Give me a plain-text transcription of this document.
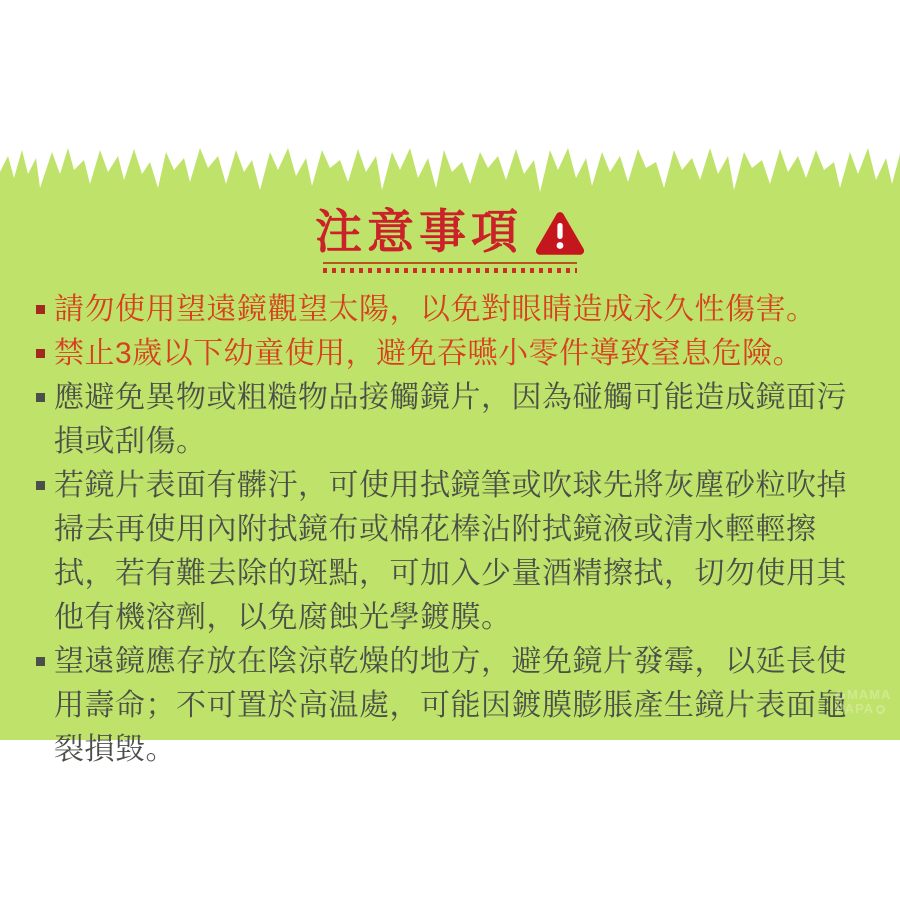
注意事項
請勿使用望遠鏡觀望太陽，以免對眼睛造成永久性傷害。
禁止3歲以下幼童使用，避免吞嚥小零件導致窒息危險。
應避免異物或粗糙物品接觸鏡片，因為碰觸可能造成鏡面污損或刮傷。
若鏡片表面有髒汙，可使用拭鏡筆或吹球先將灰塵砂粒吹掉掃去再使用內附拭鏡布或棉花棒沾附拭鏡液或清水輕輕擦拭，若有難去除的斑點，可加入少量酒精擦拭，切勿使用其他有機溶劑，以免腐蝕光學鍍膜。
望遠鏡應存放在陰涼乾燥的地方，避免鏡片發霉，以延長使用壽命；不可置於高温處，可能因鍍膜膨脹產生鏡片表面龜裂損毀。
MAMA
PAPA
